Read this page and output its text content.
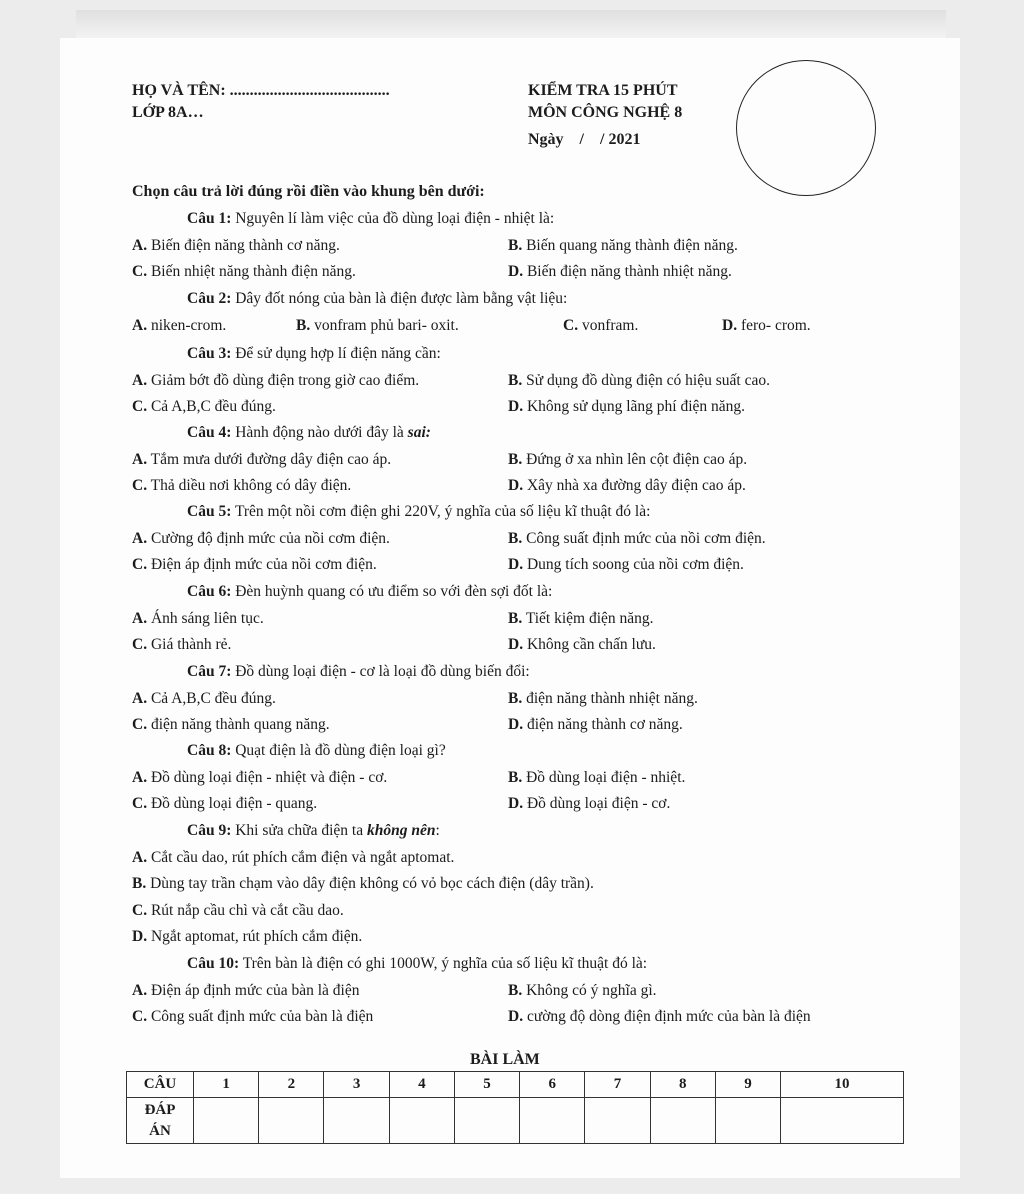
HỌ VÀ TÊN: ........................................
LỚP 8A…
KIỂM TRA 15 PHÚT
MÔN CÔNG NGHỆ 8
Ngày    /    / 2021
Chọn câu trả lời đúng rồi điền vào khung bên dưới:
Câu 1: Nguyên lí làm việc của đồ dùng loại điện - nhiệt là:
A. Biến điện năng thành cơ năng.	B. Biến quang năng thành điện năng.
C. Biến nhiệt năng thành điện năng.	D. Biến điện năng thành nhiệt năng.
Câu 2: Dây đốt nóng của bàn là điện được làm bằng vật liệu:
A. niken-crom.	B. vonfram phủ bari- oxit.	C. vonfram.	D. fero- crom.
Câu 3: Để sử dụng hợp lí điện năng cần:
A. Giảm bớt đồ dùng điện trong giờ cao điểm.	B. Sử dụng đồ dùng điện có hiệu suất cao.
C. Cả A,B,C đều đúng.	D. Không sử dụng lãng phí điện năng.
Câu 4: Hành động nào dưới đây là sai:
A. Tắm mưa dưới đường dây điện cao áp.	B. Đứng ở xa nhìn lên cột điện cao áp.
C. Thả diều nơi không có dây điện.	D. Xây nhà xa đường dây điện cao áp.
Câu 5: Trên một nồi cơm điện ghi 220V, ý nghĩa của số liệu kĩ thuật đó là:
A. Cường độ định mức của nồi cơm điện.	B. Công suất định mức của nồi cơm điện.
C. Điện áp định mức của nồi cơm điện.	D. Dung tích soong của nồi cơm điện.
Câu 6: Đèn huỳnh quang có ưu điểm so với đèn sợi đốt là:
A. Ánh sáng liên tục.	B. Tiết kiệm điện năng.
C. Giá thành rẻ.	D. Không cần chấn lưu.
Câu 7: Đồ dùng loại điện - cơ là loại đồ dùng biến đổi:
A. Cả A,B,C đều đúng.	B. điện năng thành nhiệt năng.
C. điện năng thành quang năng.	D. điện năng thành cơ năng.
Câu 8: Quạt điện là đồ dùng điện loại gì?
A. Đồ dùng loại điện - nhiệt và điện - cơ.	B. Đồ dùng loại điện - nhiệt.
C. Đồ dùng loại điện - quang.	D. Đồ dùng loại điện - cơ.
Câu 9: Khi sửa chữa điện ta không nên:
A. Cắt cầu dao, rút phích cắm điện và ngắt aptomat.
B. Dùng tay trần chạm vào dây điện không có vỏ bọc cách điện (dây trần).
C. Rút nắp cầu chì và cắt cầu dao.
D. Ngắt aptomat, rút phích cắm điện.
Câu 10: Trên bàn là điện có ghi 1000W, ý nghĩa của số liệu kĩ thuật đó là:
A. Điện áp định mức của bàn là điện	B. Không có ý nghĩa gì.
C. Công suất định mức của bàn là điện	D. cường độ dòng điện định mức của bàn là điện
BÀI LÀM
CÂU	1	2	3	4	5	6	7	8	9	10
ĐÁP
ÁN										
